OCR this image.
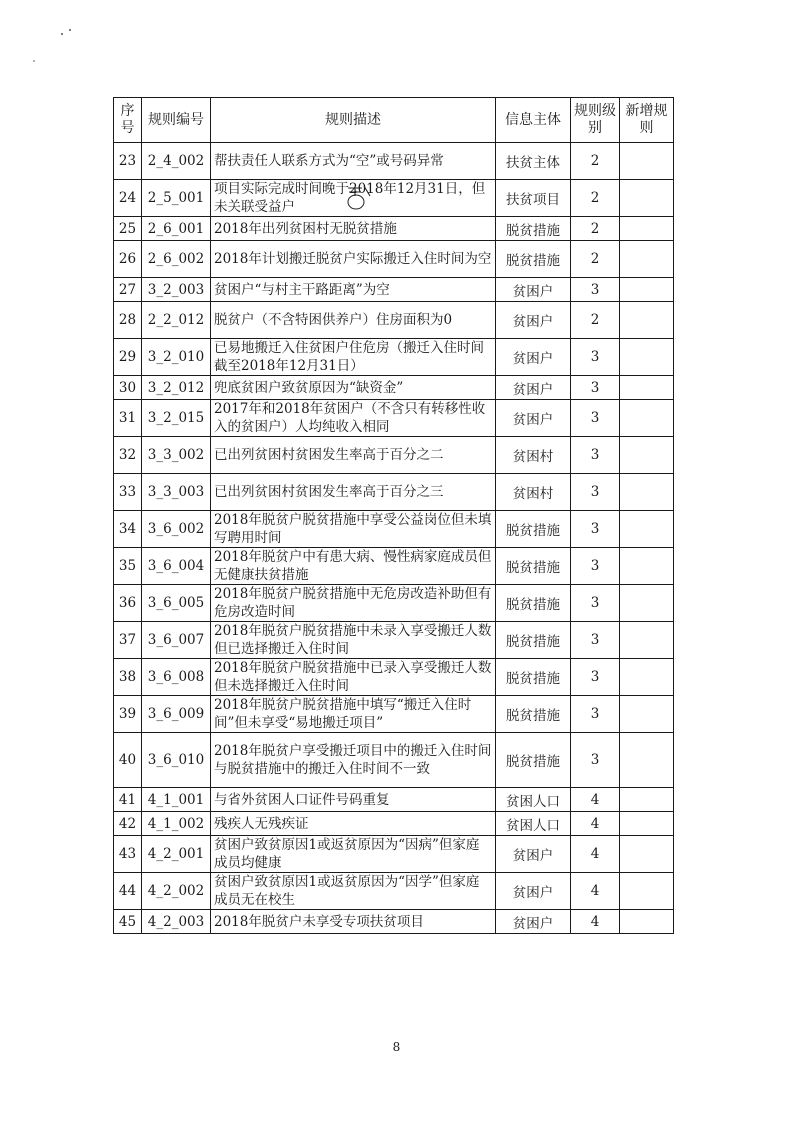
序号	规则编号	规则描述	信息主体	规则级别	新增规则
23	2_4_002	帮扶责任人联系方式为“空”或号码异常	扶贫主体	2	
24	2_5_001	项目实际完成时间晚于2018年12月31日，但未关联受益户	扶贫项目	2	
25	2_6_001	2018年出列贫困村无脱贫措施	脱贫措施	2	
26	2_6_002	2018年计划搬迁脱贫户实际搬迁入住时间为空	脱贫措施	2	
27	3_2_003	贫困户“与村主干路距离”为空	贫困户	3	
28	2_2_012	脱贫户（不含特困供养户）住房面积为0	贫困户	2	
29	3_2_010	已易地搬迁入住贫困户住危房（搬迁入住时间截至2018年12月31日）	贫困户	3	
30	3_2_012	兜底贫困户致贫原因为“缺资金”	贫困户	3	
31	3_2_015	2017年和2018年贫困户（不含只有转移性收入的贫困户）人均纯收入相同	贫困户	3	
32	3_3_002	已出列贫困村贫困发生率高于百分之二	贫困村	3	
33	3_3_003	已出列贫困村贫困发生率高于百分之三	贫困村	3	
34	3_6_002	2018年脱贫户脱贫措施中享受公益岗位但未填写聘用时间	脱贫措施	3	
35	3_6_004	2018年脱贫户中有患大病、慢性病家庭成员但无健康扶贫措施	脱贫措施	3	
36	3_6_005	2018年脱贫户脱贫措施中无危房改造补助但有危房改造时间	脱贫措施	3	
37	3_6_007	2018年脱贫户脱贫措施中未录入享受搬迁人数但已选择搬迁入住时间	脱贫措施	3	
38	3_6_008	2018年脱贫户脱贫措施中已录入享受搬迁人数但未选择搬迁入住时间	脱贫措施	3	
39	3_6_009	2018年脱贫户脱贫措施中填写“搬迁入住时间”但未享受“易地搬迁项目”	脱贫措施	3	
40	3_6_010	2018年脱贫户享受搬迁项目中的搬迁入住时间与脱贫措施中的搬迁入住时间不一致	脱贫措施	3	
41	4_1_001	与省外贫困人口证件号码重复	贫困人口	4	
42	4_1_002	残疾人无残疾证	贫困人口	4	
43	4_2_001	贫困户致贫原因1或返贫原因为“因病”但家庭成员均健康	贫困户	4	
44	4_2_002	贫困户致贫原因1或返贫原因为“因学”但家庭成员无在校生	贫困户	4	
45	4_2_003	2018年脱贫户未享受专项扶贫项目	贫困户	4	
8
